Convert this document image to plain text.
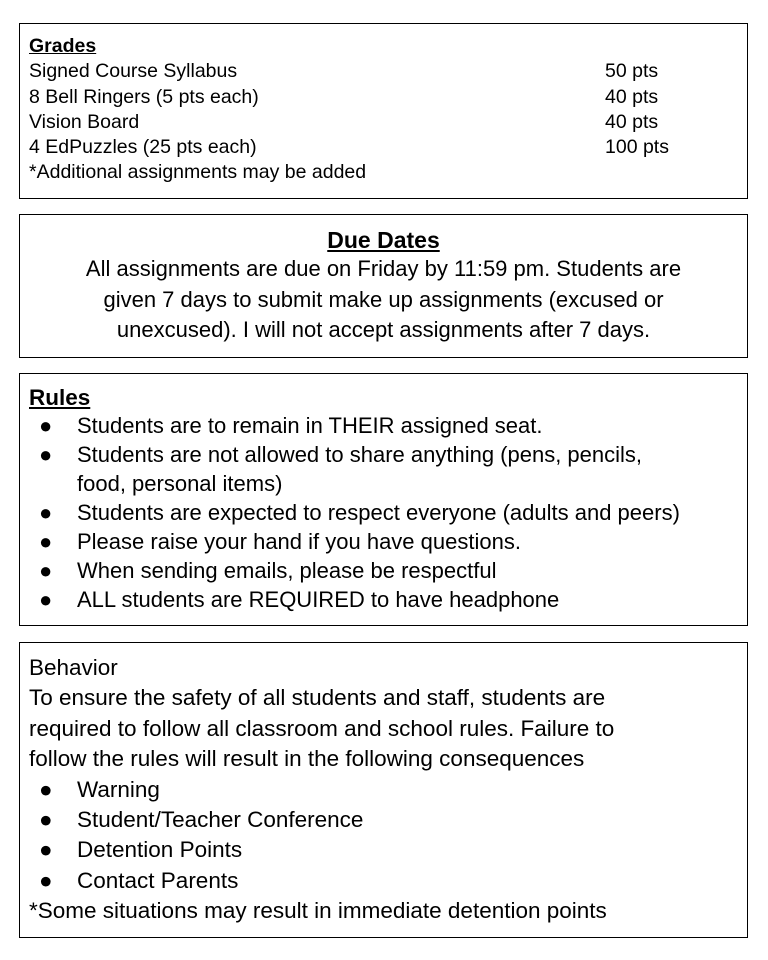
Grades
Signed Course Syllabus	50 pts
8 Bell Ringers (5 pts each)	40 pts
Vision Board	40 pts
4 EdPuzzles (25 pts each)	100 pts
*Additional assignments may be added
Due Dates
All assignments are due on Friday by 11:59 pm. Students are
given 7 days to submit make up assignments (excused or
unexcused). I will not accept assignments after 7 days.
Rules
● Students are to remain in THEIR assigned seat.
● Students are not allowed to share anything (pens, pencils,
food, personal items)
● Students are expected to respect everyone (adults and peers)
● Please raise your hand if you have questions.
● When sending emails, please be respectful
● ALL students are REQUIRED to have headphone
Behavior
To ensure the safety of all students and staff, students are
required to follow all classroom and school rules. Failure to
follow the rules will result in the following consequences
● Warning
● Student/Teacher Conference
● Detention Points
● Contact Parents
*Some situations may result in immediate detention points
